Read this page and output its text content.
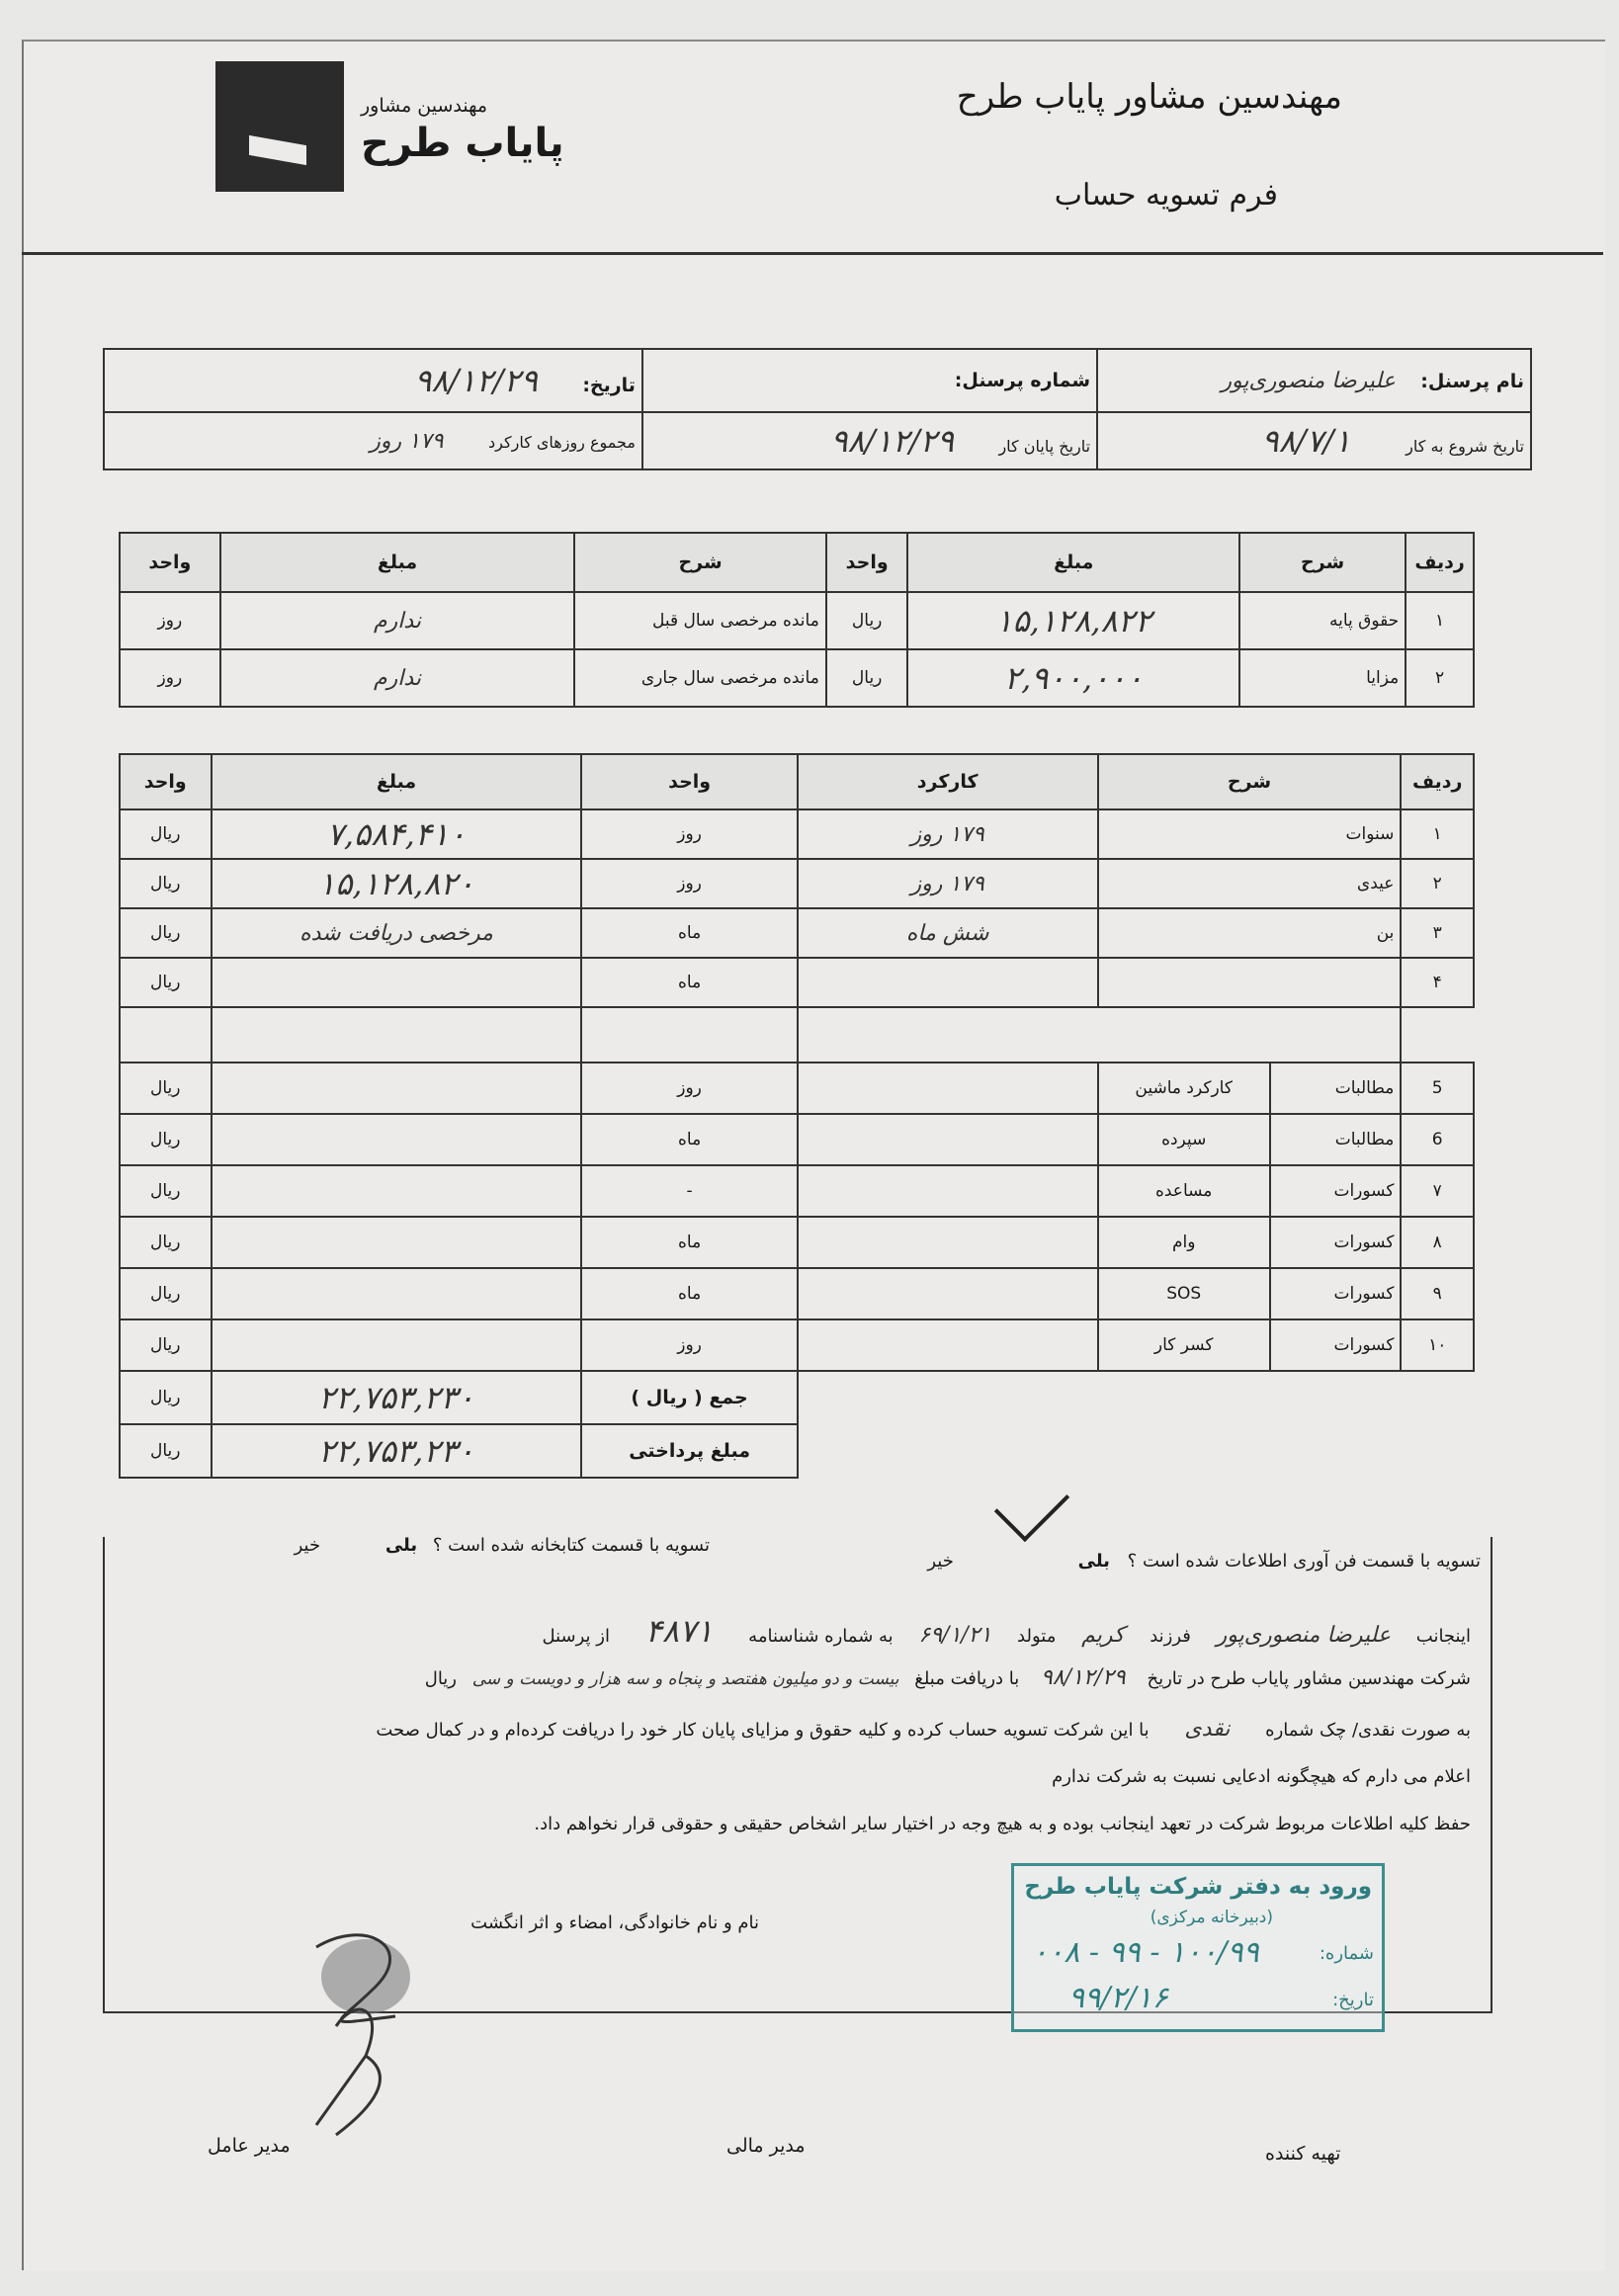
مهندسین مشاور
پایاب طرح
مهندسین مشاور پایاب طرح
فرم تسویه حساب
نام پرسنل: علیرضا منصوری‌پور	شماره پرسنل:	تاریخ: ۹۸/۱۲/۲۹
تاریخ شروع به کار ۹۸/۷/۱	تاریخ پایان کار ۹۸/۱۲/۲۹	مجموع روزهای کارکرد ۱۷۹ روز
ردیف	شرح	مبلغ	واحد	شرح	مبلغ	واحد
۱	حقوق پایه	۱۵,۱۲۸,۸۲۲	ریال	مانده مرخصی سال قبل	ندارم	روز
۲	مزایا	۲,۹۰۰,۰۰۰	ریال	مانده مرخصی سال جاری	ندارم	روز
ردیف	شرح		کارکرد	واحد	مبلغ	واحد
۱	سنوات		۱۷۹ روز	روز	۷,۵۸۴,۴۱۰	ریال
۲	عیدی		۱۷۹ روز	روز	۱۵,۱۲۸,۸۲۰	ریال
۳	بن		شش ماه	ماه	مرخصی دریافت شده	ریال
۴				ماه		ریال

5	مطالبات	کارکرد ماشین		روز		ریال
6	مطالبات	سپرده		ماه		ریال
۷	کسورات	مساعده		-		ریال
۸	کسورات	وام		ماه		ریال
۹	کسورات	SOS		ماه		ریال
۱۰	کسورات	کسر کار		روز		ریال
				جمع ( ریال )	۲۲,۷۵۳,۲۳۰	ریال
				مبلغ پرداختی	۲۲,۷۵۳,۲۳۰	ریال
تسویه با قسمت فن آوری اطلاعات شده است ؟ بلی خیر
تسویه با قسمت کتابخانه شده است ؟ بلی خیر
اینجانب علیرضا منصوری‌پور فرزند کریم متولد ۶۹/۱/۲۱ به شماره شناسنامه ۴۸۷۱ از پرسنل
شرکت مهندسین مشاور پایاب طرح در تاریخ ۹۸/۱۲/۲۹ با دریافت مبلغ بیست و دو میلیون هفتصد و پنجاه و سه هزار و دویست و سی ریال
به صورت نقدی/ چک شماره نقدی با این شرکت تسویه حساب کرده و کلیه حقوق و مزایای پایان کار خود را دریافت کرده‌ام و در کمال صحت
اعلام می دارم که هیچگونه ادعایی نسبت به شرکت ندارم
حفظ کلیه اطلاعات مربوط شرکت در تعهد اینجانب بوده و به هیچ وجه در اختیار سایر اشخاص حقیقی و حقوقی قرار نخواهم داد.
نام و نام خانوادگی، امضاء و اثر انگشت
ورود به دفتر شرکت پایاب طرح
(دبیرخانه مرکزی)
شماره:
۱۰۰/۹۹ - ۹۹ - ۰۰۸
تاریخ:
۹۹/۲/۱۶
مدیر عامل	مدیر مالی	تهیه کننده
